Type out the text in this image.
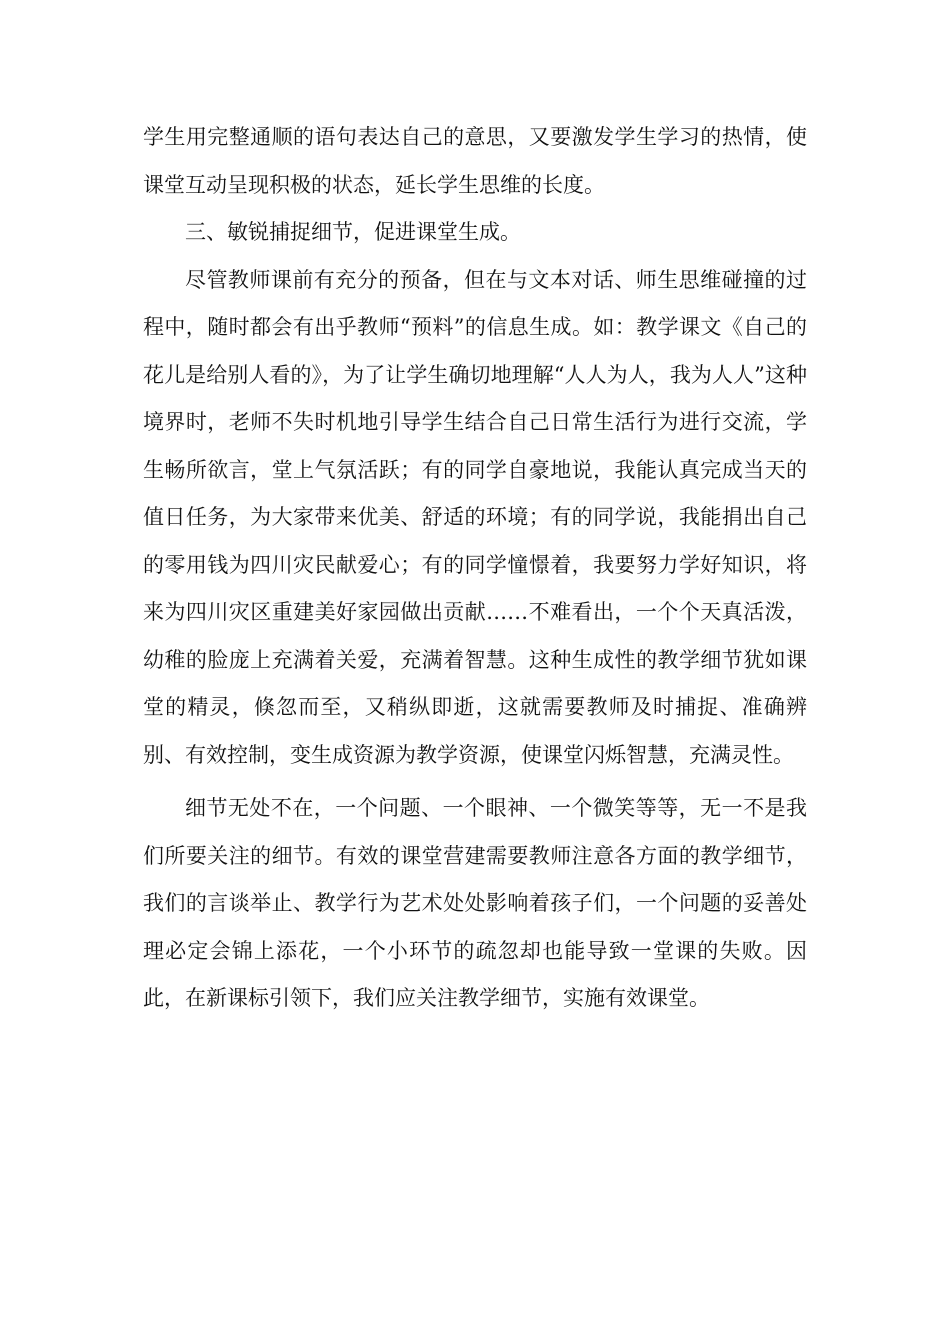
学生用完整通顺的语句表达自己的意思，又要激发学生学习的热情，使课堂互动呈现积极的状态，延长学生思维的长度。

三、敏锐捕捉细节，促进课堂生成。

尽管教师课前有充分的预备，但在与文本对话、师生思维碰撞的过程中，随时都会有出乎教师“预料”的信息生成。如：教学课文《自己的花儿是给别人看的》，为了让学生确切地理解“人人为人，我为人人”这种境界时，老师不失时机地引导学生结合自己日常生活行为进行交流，学生畅所欲言，堂上气氛活跃；有的同学自豪地说，我能认真完成当天的值日任务，为大家带来优美、舒适的环境；有的同学说，我能捐出自己的零用钱为四川灾民献爱心；有的同学憧憬着，我要努力学好知识，将来为四川灾区重建美好家园做出贡献……不难看出，一个个天真活泼，幼稚的脸庞上充满着关爱，充满着智慧。这种生成性的教学细节犹如课堂的精灵，倏忽而至，又稍纵即逝，这就需要教师及时捕捉、准确辨别、有效控制，变生成资源为教学资源，使课堂闪烁智慧，充满灵性。

细节无处不在，一个问题、一个眼神、一个微笑等等，无一不是我们所要关注的细节。有效的课堂营建需要教师注意各方面的教学细节，我们的言谈举止、教学行为艺术处处影响着孩子们，一个问题的妥善处理必定会锦上添花，一个小环节的疏忽却也能导致一堂课的失败。因此，在新课标引领下，我们应关注教学细节，实施有效课堂。
